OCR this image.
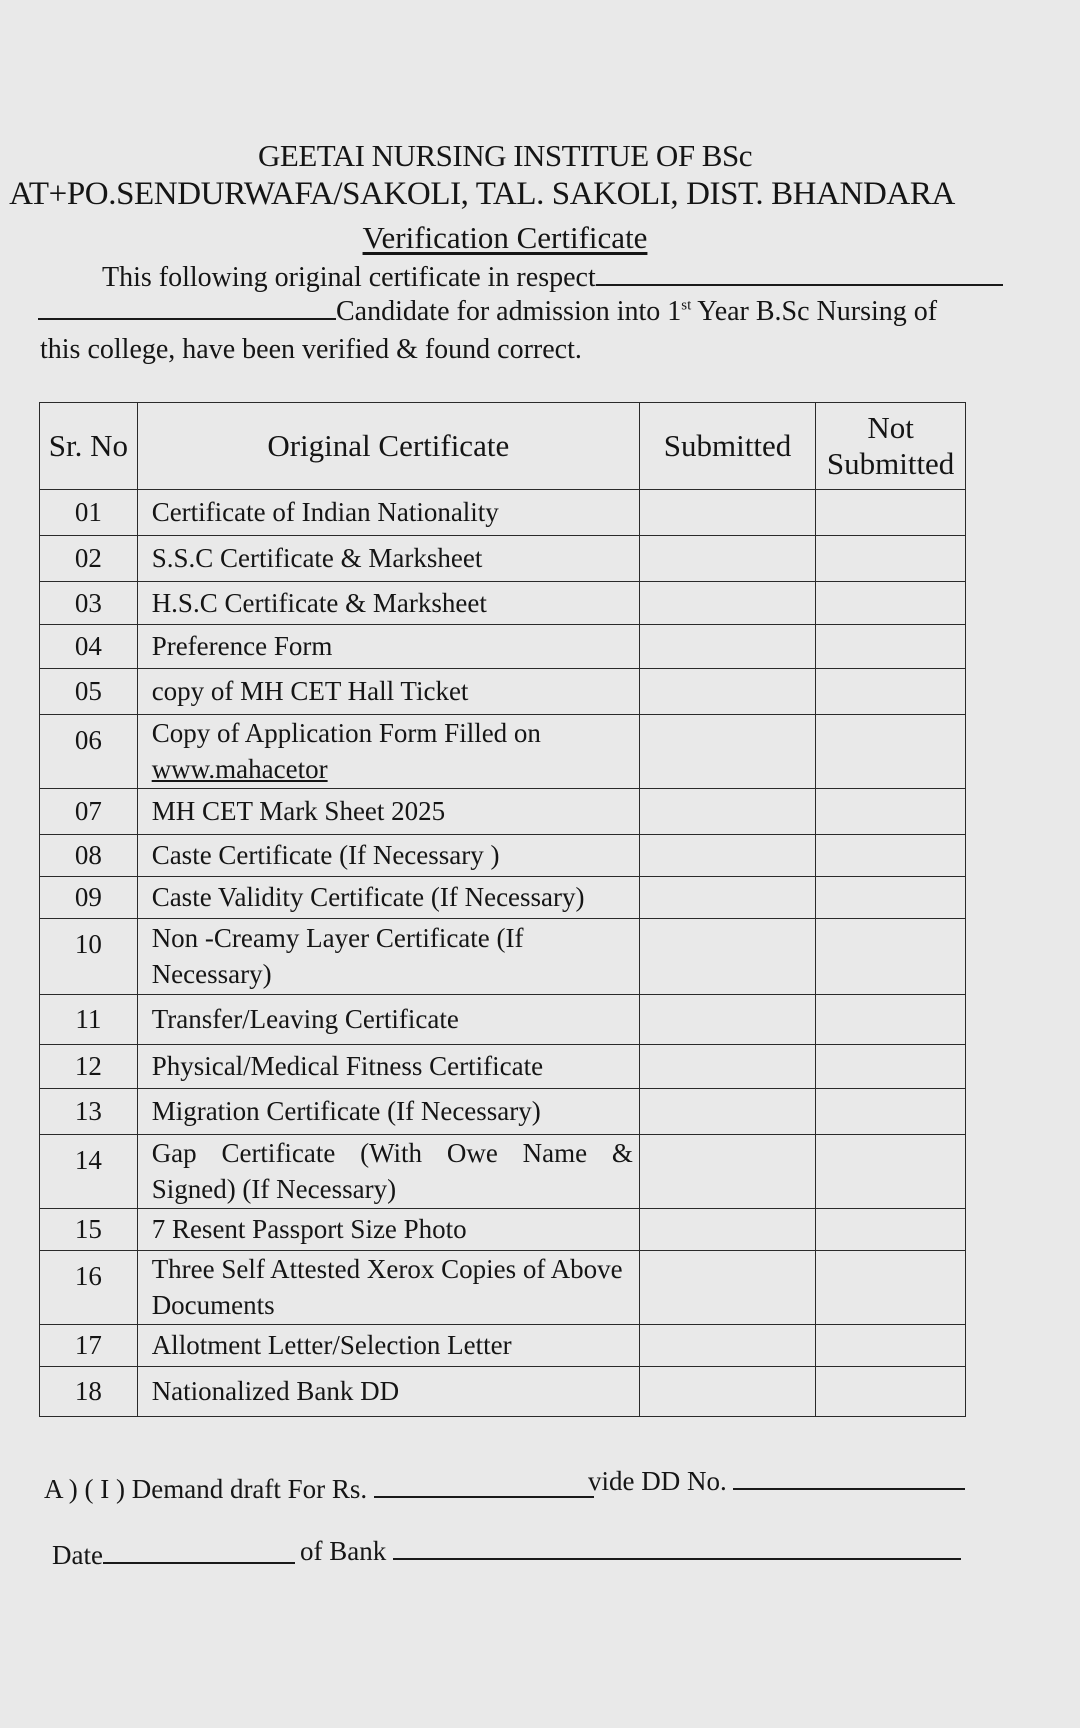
GEETAI NURSING INSTITUE OF BSc
AT+PO.SENDURWAFA/SAKOLI, TAL. SAKOLI, DIST. BHANDARA
Verification Certificate
This following original certificate in respect
Candidate for admission into 1st Year B.Sc Nursing of
this college, have been verified & found correct.
Sr. No	Original Certificate	Submitted	Not
Submitted

01	Certificate of Indian Nationality		
02	S.S.C Certificate & Marksheet		
03	H.S.C Certificate & Marksheet		
04	Preference Form		
05	copy of MH CET Hall Ticket		
06	Copy of Application Form Filled on
www.mahacetor		

07	MH CET Mark Sheet 2025		
08	Caste Certificate (If Necessary )		
09	Caste Validity Certificate (If Necessary)		
10	Non -Creamy Layer Certificate (If
Necessary)		

11	Transfer/Leaving Certificate		
12	Physical/Medical Fitness Certificate		
13	Migration Certificate (If Necessary)		
14	Gap Certificate (With Owe Name &
Signed) (If Necessary)		

15	7 Resent Passport Size Photo		
16	Three Self Attested Xerox Copies of Above
Documents		

17	Allotment Letter/Selection Letter		
18	Nationalized Bank DD		
A ) ( I ) Demand draft For Rs.	vide DD No.
Date	of Bank
